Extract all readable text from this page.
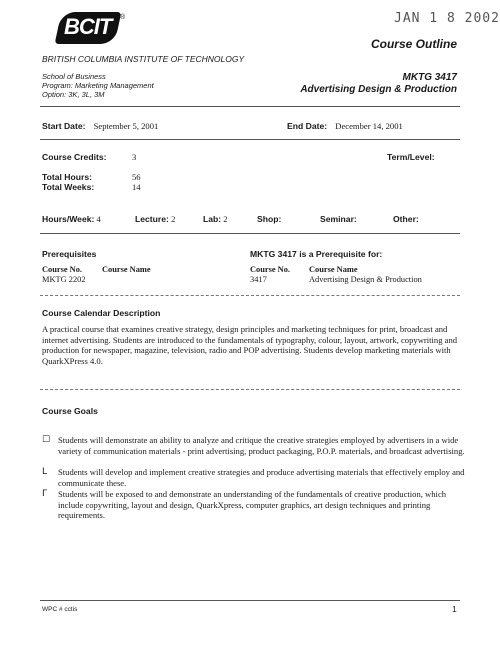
JAN 1 8 2002
BCIT ®
BRITISH COLUMBIA INSTITUTE OF TECHNOLOGY
School of Business
Program: Marketing Management
Option: 3K, 3L, 3M
Course Outline
MKTG 3417
Advertising Design & Production
Start Date: September 5, 2001	End Date: December 14, 2001
Course Credits:	3	Term/Level:
Total Hours:	56
Total Weeks:	14
Hours/Week: 4	Lecture: 2	Lab: 2	Shop:	Seminar:	Other:
Prerequisites
Course No. Course Name
MKTG 2202
MKTG 3417 is a Prerequisite for:
Course No. Course Name
3417	Advertising Design & Production
Course Calendar Description
A practical course that examines creative strategy, design principles and marketing techniques for print, broadcast and internet advertising. Students are introduced to the fundamentals of typography, colour, layout, artwork, copywriting and production for newspaper, magazine, television, radio and POP advertising. Students develop marketing materials with QuarkXPress 4.0.
Course Goals
☐ Students will demonstrate an ability to analyze and critique the creative strategies employed by advertisers in a wide variety of communication materials - print advertising, product packaging, P.O.P. materials, and broadcast advertising.
L Students will develop and implement creative strategies and produce advertising materials that effectively employ and communicate these.
Γ Students will be exposed to and demonstrate an understanding of the fundamentals of creative production, which include copywriting, layout and design, QuarkXpress, computer graphics, art design techniques and printing requirements.
WPC # cctis	1
